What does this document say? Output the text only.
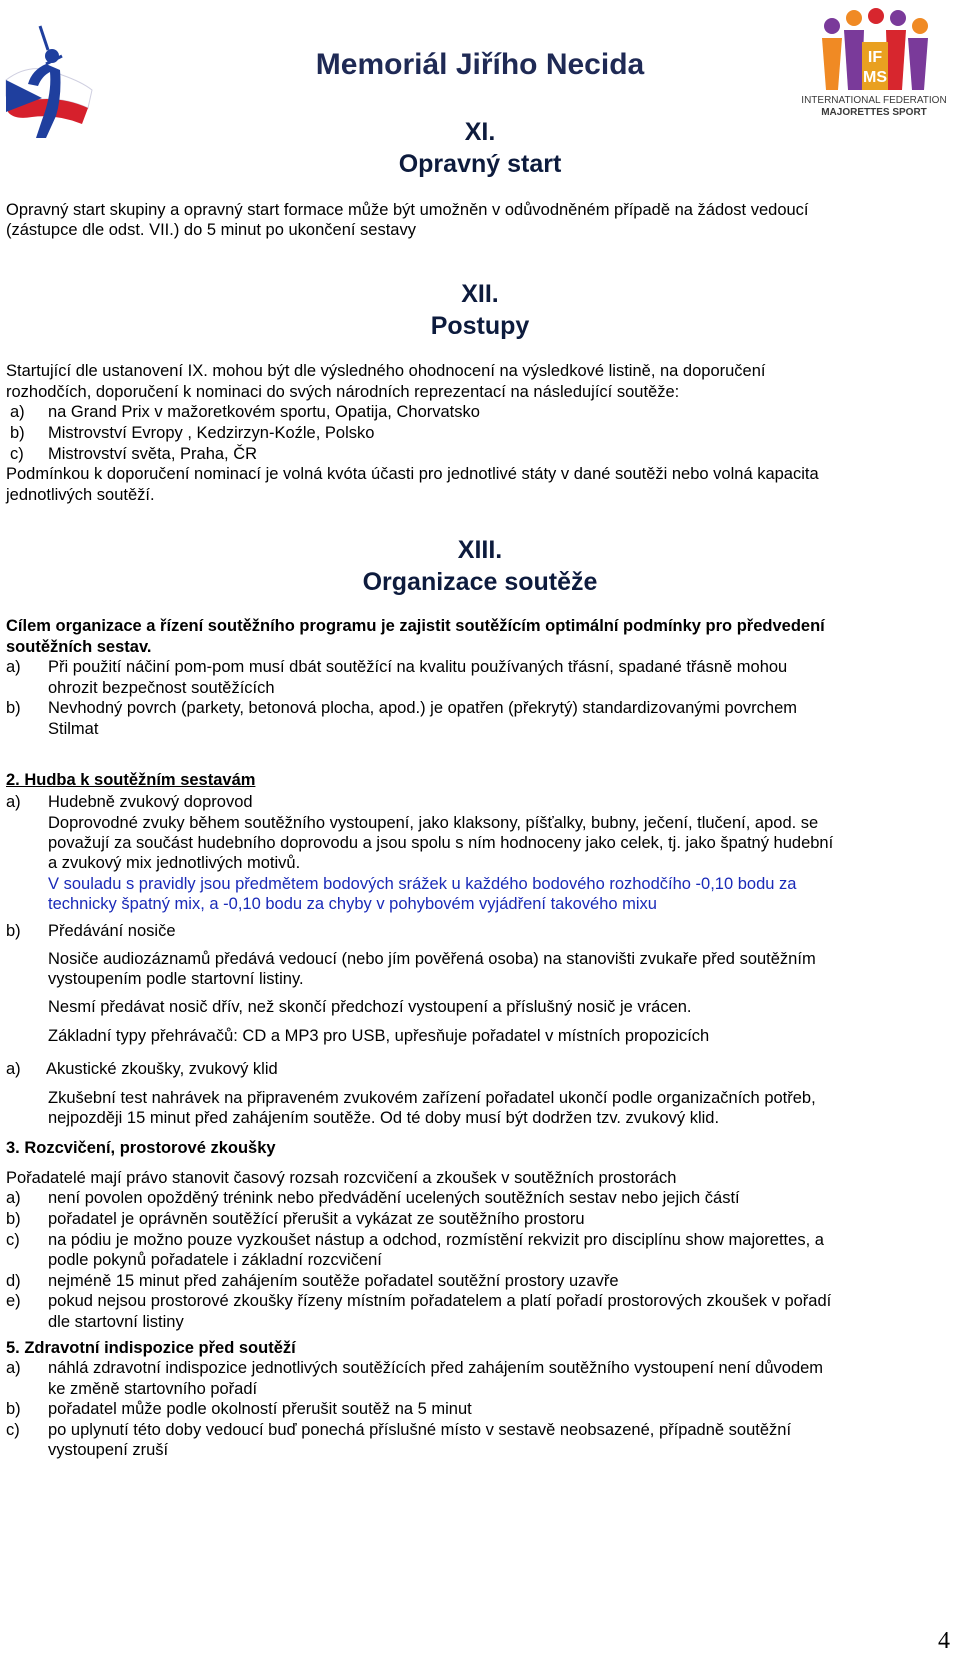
Memoriál Jiřího Necida	IF
MS
INTERNATIONAL FEDERATION
MAJORETTES SPORT
XI.
Opravný start
Opravný start skupiny a opravný start formace může být umožněn v odůvodněném případě na žádost vedoucí
(zástupce dle odst. VII.) do 5 minut po ukončení sestavy
XII.
Postupy
Startující dle ustanovení IX. mohou být dle výsledného ohodnocení na výsledkové listině, na doporučení
rozhodčích, doporučení k nominaci do svých národních reprezentací na následující soutěže:
a) na Grand Prix v mažoretkovém sportu, Opatija, Chorvatsko
b) Mistrovství Evropy , Kedzirzyn-Koźle, Polsko
c) Mistrovství světa, Praha, ČR
Podmínkou k doporučení nominací je volná kvóta účasti pro jednotlivé státy v dané soutěži nebo volná kapacita
jednotlivých soutěží.
XIII.
Organizace soutěže
Cílem organizace a řízení soutěžního programu je zajistit soutěžícím optimální podmínky pro předvedení
soutěžních sestav.
a) Při použití náčiní pom-pom musí dbát soutěžící na kvalitu používaných třásní, spadané třásně mohou
ohrozit bezpečnost soutěžících
b) Nevhodný povrch (parkety, betonová plocha, apod.) je opatřen (překrytý) standardizovanými povrchem
Stilmat
2. Hudba k soutěžním sestavám
a) Hudebně zvukový doprovod
Doprovodné zvuky během soutěžního vystoupení, jako klaksony, píšťalky, bubny, ječení, tlučení, apod. se
považují za součást hudebního doprovodu a jsou spolu s ním hodnoceny jako celek, tj. jako špatný hudební
a zvukový mix jednotlivých motivů.
V souladu s pravidly jsou předmětem bodových srážek u každého bodového rozhodčího -0,10 bodu za
technicky špatný mix, a -0,10 bodu za chyby v pohybovém vyjádření takového mixu
b) Předávání nosiče
Nosiče audiozáznamů předává vedoucí (nebo jím pověřená osoba) na stanovišti zvukaře před soutěžním
vystoupením podle startovní listiny.
Nesmí předávat nosič dřív, než skončí předchozí vystoupení a příslušný nosič je vrácen.
Základní typy přehrávačů: CD a MP3 pro USB, upřesňuje pořadatel v místních propozicích
a) Akustické zkoušky, zvukový klid
Zkušební test nahrávek na připraveném zvukovém zařízení pořadatel ukončí podle organizačních potřeb,
nejpozději 15 minut před zahájením soutěže. Od té doby musí být dodržen tzv. zvukový klid.
3. Rozcvičení, prostorové zkoušky
Pořadatelé mají právo stanovit časový rozsah rozcvičení a zkoušek v soutěžních prostorách
a) není povolen opožděný trénink nebo předvádění ucelených soutěžních sestav nebo jejich částí
b) pořadatel je oprávněn soutěžící přerušit a vykázat ze soutěžního prostoru
c) na pódiu je možno pouze vyzkoušet nástup a odchod, rozmístění rekvizit pro disciplínu show majorettes, a
podle pokynů pořadatele i základní rozcvičení
d) nejméně 15 minut před zahájením soutěže pořadatel soutěžní prostory uzavře
e) pokud nejsou prostorové zkoušky řízeny místním pořadatelem a platí pořadí prostorových zkoušek v pořadí
dle startovní listiny
5. Zdravotní indispozice před soutěží
a) náhlá zdravotní indispozice jednotlivých soutěžících před zahájením soutěžního vystoupení není důvodem
ke změně startovního pořadí
b) pořadatel může podle okolností přerušit soutěž na 5 minut
c) po uplynutí této doby vedoucí buď ponechá příslušné místo v sestavě neobsazené, případně soutěžní
vystoupení zruší
4
